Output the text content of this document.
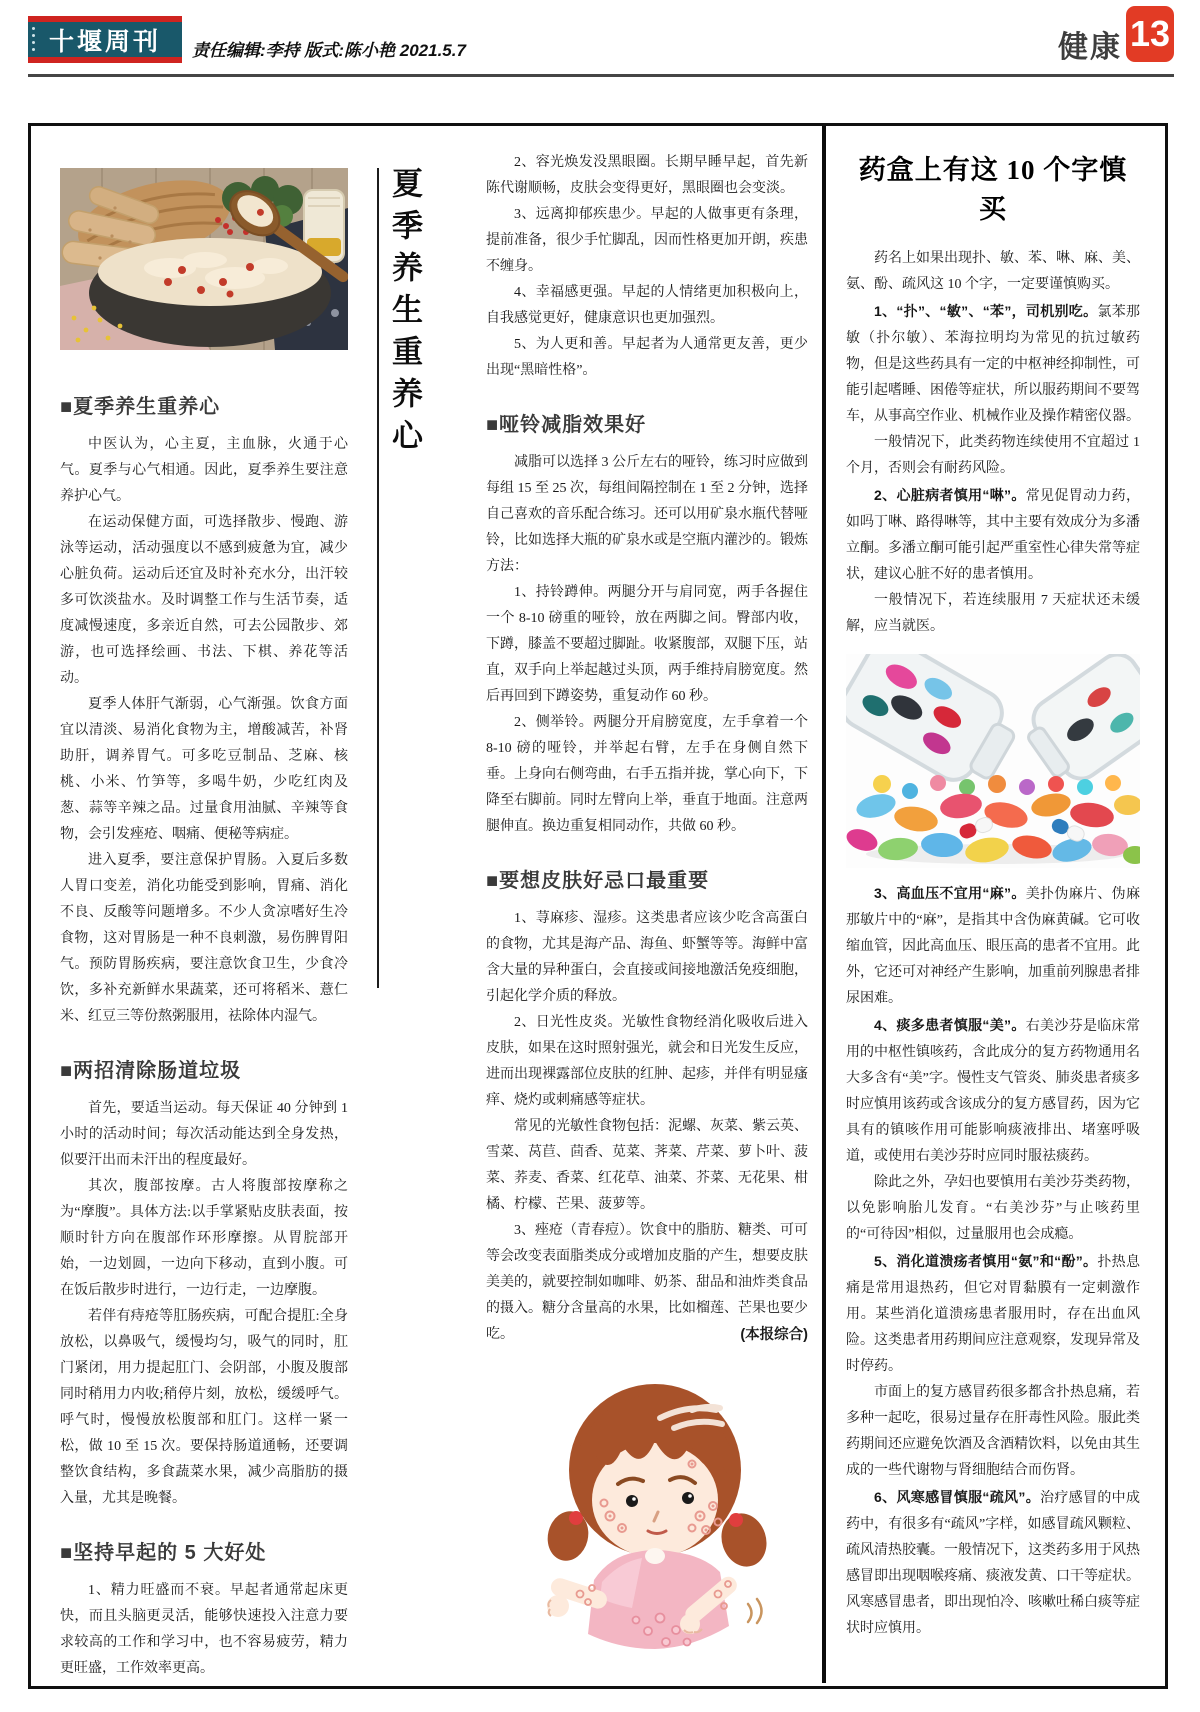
十堰周刊 责任编辑:李持 版式:陈小艳 2021.5.7	健康 13
夏季养生重养心
■夏季养生重养心

中医认为，心主夏，主血脉，火通于心气。夏季与心气相通。因此，夏季养生要注意养护心气。

在运动保健方面，可选择散步、慢跑、游泳等运动，活动强度以不感到疲惫为宜，减少心脏负荷。运动后还宜及时补充水分，出汗较多可饮淡盐水。及时调整工作与生活节奏，适度减慢速度，多亲近自然，可去公园散步、郊游，也可选择绘画、书法、下棋、养花等活动。

夏季人体肝气渐弱，心气渐强。饮食方面宜以清淡、易消化食物为主，增酸减苦，补肾助肝，调养胃气。可多吃豆制品、芝麻、核桃、小米、竹笋等，多喝牛奶，少吃红肉及葱、蒜等辛辣之品。过量食用油腻、辛辣等食物，会引发痤疮、咽痛、便秘等病症。

进入夏季，要注意保护胃肠。入夏后多数人胃口变差，消化功能受到影响，胃痛、消化不良、反酸等问题增多。不少人贪凉嗜好生冷食物，这对胃肠是一种不良刺激，易伤脾胃阳气。预防胃肠疾病，要注意饮食卫生，少食冷饮，多补充新鲜水果蔬菜，还可将稻米、薏仁米、红豆三等份熬粥服用，祛除体内湿气。

■两招清除肠道垃圾

首先，要适当运动。每天保证 40 分钟到 1 小时的活动时间；每次活动能达到全身发热，似要汗出而未汗出的程度最好。

其次，腹部按摩。古人将腹部按摩称之为“摩腹”。具体方法:以手掌紧贴皮肤表面，按顺时针方向在腹部作环形摩擦。从胃脘部开始，一边划圆，一边向下移动，直到小腹。可在饭后散步时进行，一边行走，一边摩腹。

若伴有痔疮等肛肠疾病，可配合提肛:全身放松，以鼻吸气，缓慢均匀，吸气的同时，肛门紧闭，用力提起肛门、会阴部，小腹及腹部同时稍用力内收;稍停片刻，放松，缓缓呼气。呼气时，慢慢放松腹部和肛门。这样一紧一松，做 10 至 15 次。要保持肠道通畅，还要调整饮食结构，多食蔬菜水果，减少高脂肪的摄入量，尤其是晚餐。

■坚持早起的 5 大好处

1、精力旺盛而不衰。早起者通常起床更快，而且头脑更灵活，能够快速投入注意力要求较高的工作和学习中，也不容易疲劳，精力更旺盛，工作效率更高。

2、容光焕发没黑眼圈。长期早睡早起，首先新陈代谢顺畅，皮肤会变得更好，黑眼圈也会变淡。

3、远离抑郁疾患少。早起的人做事更有条理，提前准备，很少手忙脚乱，因而性格更加开朗，疾患不缠身。

4、幸福感更强。早起的人情绪更加积极向上，自我感觉更好，健康意识也更加强烈。

5、为人更和善。早起者为人通常更友善，更少出现“黑暗性格”。

■哑铃减脂效果好

减脂可以选择 3 公斤左右的哑铃，练习时应做到每组 15 至 25 次，每组间隔控制在 1 至 2 分钟，选择自己喜欢的音乐配合练习。还可以用矿泉水瓶代替哑铃，比如选择大瓶的矿泉水或是空瓶内灌沙的。锻炼方法：

1、持铃蹲伸。两腿分开与肩同宽，两手各握住一个 8-10 磅重的哑铃，放在两脚之间。臀部内收，下蹲，膝盖不要超过脚趾。收紧腹部，双腿下压，站直，双手向上举起越过头顶，两手维持肩膀宽度。然后再回到下蹲姿势，重复动作 60 秒。

2、侧举铃。两腿分开肩膀宽度，左手拿着一个 8-10 磅的哑铃，并举起右臂，左手在身侧自然下垂。上身向右侧弯曲，右手五指并拢，掌心向下，下降至右脚前。同时左臂向上举，垂直于地面。注意两腿伸直。换边重复相同动作，共做 60 秒。

■要想皮肤好忌口最重要

1、荨麻疹、湿疹。这类患者应该少吃含高蛋白的食物，尤其是海产品、海鱼、虾蟹等等。海鲜中富含大量的异种蛋白，会直接或间接地激活免疫细胞，引起化学介质的释放。

2、日光性皮炎。光敏性食物经消化吸收后进入皮肤，如果在这时照射强光，就会和日光发生反应，进而出现裸露部位皮肤的红肿、起疹，并伴有明显瘙痒、烧灼或刺痛感等症状。

常见的光敏性食物包括：泥螺、灰菜、紫云英、雪菜、莴苣、茴香、苋菜、荠菜、芹菜、萝卜叶、菠菜、荞麦、香菜、红花草、油菜、芥菜、无花果、柑橘、柠檬、芒果、菠萝等。

3、痤疮（青春痘）。饮食中的脂肪、糖类、可可等会改变表面脂类成分或增加皮脂的产生，想要皮肤美美的，就要控制如咖啡、奶茶、甜品和油炸类食品的摄入。糖分含量高的水果，比如榴莲、芒果也要少吃。	(本报综合)

药盒上有这 10 个字慎买

药名上如果出现扑、敏、苯、啉、麻、美、氨、酚、疏风这 10 个字，一定要谨慎购买。

1、“扑”、“敏”、“苯”，司机别吃。氯苯那敏（扑尔敏）、苯海拉明均为常见的抗过敏药物，但是这些药具有一定的中枢神经抑制性，可能引起嗜睡、困倦等症状，所以服药期间不要驾车，从事高空作业、机械作业及操作精密仪器。

一般情况下，此类药物连续使用不宜超过 1 个月，否则会有耐药风险。

2、心脏病者慎用“啉”。常见促胃动力药，如吗丁啉、路得啉等，其中主要有效成分为多潘立酮。多潘立酮可能引起严重室性心律失常等症状，建议心脏不好的患者慎用。

一般情况下，若连续服用 7 天症状还未缓解，应当就医。

3、高血压不宜用“麻”。美扑伪麻片、伪麻那敏片中的“麻”，是指其中含伪麻黄碱。它可收缩血管，因此高血压、眼压高的患者不宜用。此外，它还可对神经产生影响，加重前列腺患者排尿困难。

4、痰多患者慎服“美”。右美沙芬是临床常用的中枢性镇咳药，含此成分的复方药物通用名大多含有“美”字。慢性支气管炎、肺炎患者痰多时应慎用该药或含该成分的复方感冒药，因为它具有的镇咳作用可能影响痰液排出、堵塞呼吸道，或使用右美沙芬时应同时服祛痰药。

除此之外，孕妇也要慎用右美沙芬类药物，以免影响胎儿发育。“右美沙芬”与止咳药里的“可待因”相似，过量服用也会成瘾。

5、消化道溃疡者慎用“氨”和“酚”。扑热息痛是常用退热药，但它对胃黏膜有一定刺激作用。某些消化道溃疡患者服用时，存在出血风险。这类患者用药期间应注意观察，发现异常及时停药。

市面上的复方感冒药很多都含扑热息痛，若多种一起吃，很易过量存在肝毒性风险。服此类药期间还应避免饮酒及含酒精饮料，以免由其生成的一些代谢物与肾细胞结合而伤肾。

6、风寒感冒慎服“疏风”。治疗感冒的中成药中，有很多有“疏风”字样，如感冒疏风颗粒、疏风清热胶囊。一般情况下，这类药多用于风热感冒即出现咽喉疼痛、痰液发黄、口干等症状。风寒感冒患者，即出现怕冷、咳嗽吐稀白痰等症状时应慎用。
